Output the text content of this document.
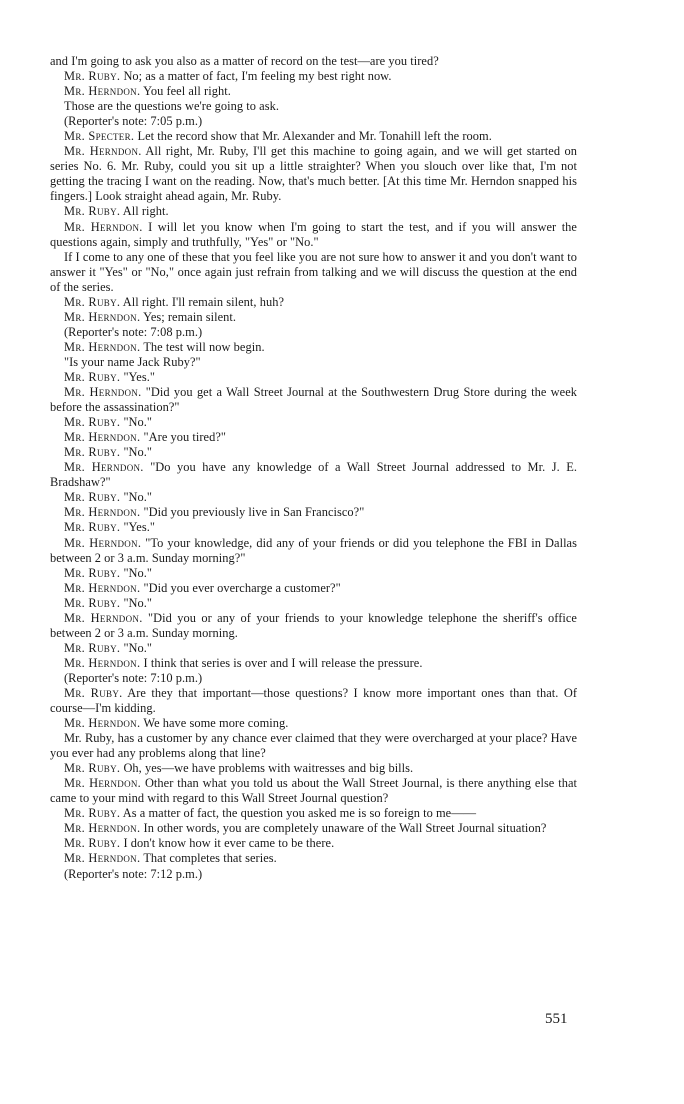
and I'm going to ask you also as a matter of record on the test—are you tired?

Mr. Ruby. No; as a matter of fact, I'm feeling my best right now.

Mr. Herndon. You feel all right.

Those are the questions we're going to ask.

(Reporter's note: 7:05 p.m.)

Mr. Specter. Let the record show that Mr. Alexander and Mr. Tonahill left the room.

Mr. Herndon. All right, Mr. Ruby, I'll get this machine to going again, and we will get started on series No. 6. Mr. Ruby, could you sit up a little straighter? When you slouch over like that, I'm not getting the tracing I want on the reading. Now, that's much better. [At this time Mr. Herndon snapped his fingers.] Look straight ahead again, Mr. Ruby.

Mr. Ruby. All right.

Mr. Herndon. I will let you know when I'm going to start the test, and if you will answer the questions again, simply and truthfully, "Yes" or "No."

If I come to any one of these that you feel like you are not sure how to answer it and you don't want to answer it "Yes" or "No," once again just refrain from talking and we will discuss the question at the end of the series.

Mr. Ruby. All right. I'll remain silent, huh?

Mr. Herndon. Yes; remain silent.

(Reporter's note: 7:08 p.m.)

Mr. Herndon. The test will now begin.

"Is your name Jack Ruby?"

Mr. Ruby. "Yes."

Mr. Herndon. "Did you get a Wall Street Journal at the Southwestern Drug Store during the week before the assassination?"

Mr. Ruby. "No."

Mr. Herndon. "Are you tired?"

Mr. Ruby. "No."

Mr. Herndon. "Do you have any knowledge of a Wall Street Journal addressed to Mr. J. E. Bradshaw?"

Mr. Ruby. "No."

Mr. Herndon. "Did you previously live in San Francisco?"

Mr. Ruby. "Yes."

Mr. Herndon. "To your knowledge, did any of your friends or did you telephone the FBI in Dallas between 2 or 3 a.m. Sunday morning?"

Mr. Ruby. "No."

Mr. Herndon. "Did you ever overcharge a customer?"

Mr. Ruby. "No."

Mr. Herndon. "Did you or any of your friends to your knowledge telephone the sheriff's office between 2 or 3 a.m. Sunday morning.

Mr. Ruby. "No."

Mr. Herndon. I think that series is over and I will release the pressure.

(Reporter's note: 7:10 p.m.)

Mr. Ruby. Are they that important—those questions? I know more important ones than that. Of course—I'm kidding.

Mr. Herndon. We have some more coming.

Mr. Ruby, has a customer by any chance ever claimed that they were overcharged at your place? Have you ever had any problems along that line?

Mr. Ruby. Oh, yes—we have problems with waitresses and big bills.

Mr. Herndon. Other than what you told us about the Wall Street Journal, is there anything else that came to your mind with regard to this Wall Street Journal question?

Mr. Ruby. As a matter of fact, the question you asked me is so foreign to me——

Mr. Herndon. In other words, you are completely unaware of the Wall Street Journal situation?

Mr. Ruby. I don't know how it ever came to be there.

Mr. Herndon. That completes that series.

(Reporter's note: 7:12 p.m.)

551
